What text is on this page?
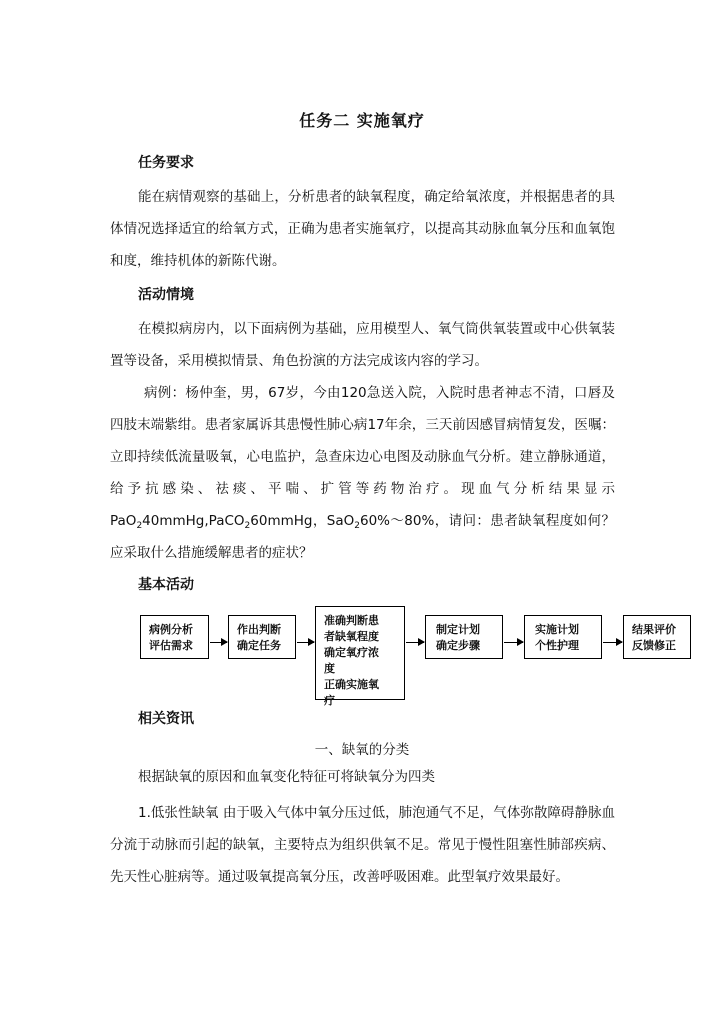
任务二 实施氧疗
任务要求
能在病情观察的基础上，分析患者的缺氧程度，确定给氧浓度，并根据患者的具体情况选择适宜的给氧方式，正确为患者实施氧疗，以提高其动脉血氧分压和血氧饱和度，维持机体的新陈代谢。
活动情境
在模拟病房内，以下面病例为基础，应用模型人、氧气筒供氧装置或中心供氧装置等设备，采用模拟情景、角色扮演的方法完成该内容的学习。
病例：杨仲奎，男，67岁，今由120急送入院，入院时患者神志不清，口唇及四肢末端紫绀。患者家属诉其患慢性肺心病17年余，三天前因感冒病情复发，医嘱：立即持续低流量吸氧，心电监护，急查床边心电图及动脉血气分析。建立静脉通道，给予抗感染、祛痰、平喘、扩管等药物治疗。现血气分析结果显示 PaO$_2$40mmHg,PaCO$_2$60mmHg，SaO$_2$60%～80%，请问：患者缺氧程度如何？应采取什么措施缓解患者的症状？
基本活动
病例分析
评估需求
作出判断
确定任务
准确判断患
者缺氧程度
确定氧疗浓
度
正确实施氧
疗
制定计划
确定步骤
实施计划
个性护理
结果评价
反馈修正
相关资讯
一、缺氧的分类
根据缺氧的原因和血氧变化特征可将缺氧分为四类
1.低张性缺氧 由于吸入气体中氧分压过低，肺泡通气不足，气体弥散障碍静脉血分流于动脉而引起的缺氧，主要特点为组织供氧不足。常见于慢性阻塞性肺部疾病、先天性心脏病等。通过吸氧提高氧分压，改善呼吸困难。此型氧疗效果最好。
